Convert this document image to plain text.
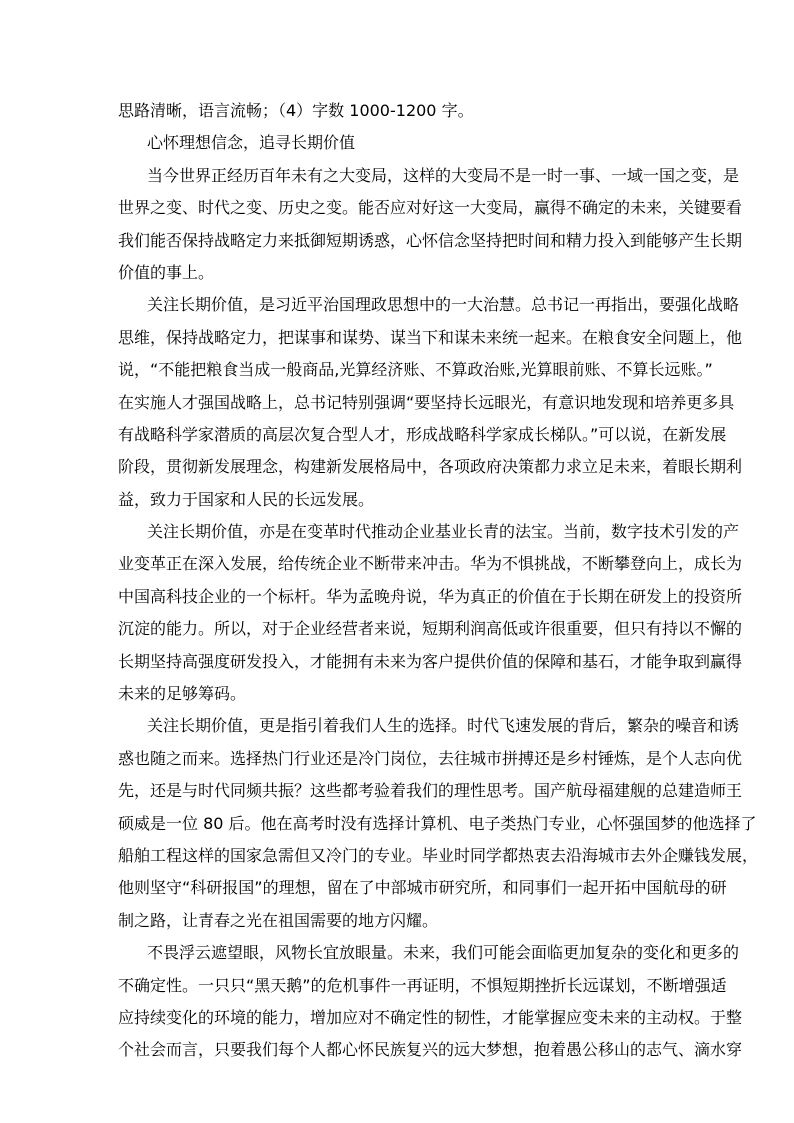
思路清晰，语言流畅；（4）字数 1000-1200 字。
心怀理想信念，追寻长期价值
当今世界正经历百年未有之大变局，这样的大变局不是一时一事、一域一国之变，是
世界之变、时代之变、历史之变。能否应对好这一大变局，赢得不确定的未来，关键要看
我们能否保持战略定力来抵御短期诱惑，心怀信念坚持把时间和精力投入到能够产生长期
价值的事上。
关注长期价值，是习近平治国理政思想中的一大治慧。总书记一再指出，要强化战略
思维，保持战略定力，把谋事和谋势、谋当下和谋未来统一起来。在粮食安全问题上，他
说，“不能把粮食当成一般商品,光算经济账、不算政治账,光算眼前账、不算长远账。”
在实施人才强国战略上，总书记特别强调“要坚持长远眼光，有意识地发现和培养更多具
有战略科学家潜质的高层次复合型人才，形成战略科学家成长梯队。”可以说，在新发展
阶段，贯彻新发展理念，构建新发展格局中，各项政府决策都力求立足未来，着眼长期利
益，致力于国家和人民的长远发展。
关注长期价值，亦是在变革时代推动企业基业长青的法宝。当前，数字技术引发的产
业变革正在深入发展，给传统企业不断带来冲击。华为不惧挑战，不断攀登向上，成长为
中国高科技企业的一个标杆。华为孟晚舟说，华为真正的价值在于长期在研发上的投资所
沉淀的能力。所以，对于企业经营者来说，短期利润高低或许很重要，但只有持以不懈的
长期坚持高强度研发投入，才能拥有未来为客户提供价值的保障和基石，才能争取到赢得
未来的足够筹码。
关注长期价值，更是指引着我们人生的选择。时代飞速发展的背后，繁杂的噪音和诱
惑也随之而来。选择热门行业还是冷门岗位，去往城市拼搏还是乡村锤炼，是个人志向优
先，还是与时代同频共振？这些都考验着我们的理性思考。国产航母福建舰的总建造师王
硕威是一位 80 后。他在高考时没有选择计算机、电子类热门专业，心怀强国梦的他选择了
船舶工程这样的国家急需但又冷门的专业。毕业时同学都热衷去沿海城市去外企赚钱发展，
他则坚守“科研报国”的理想，留在了中部城市研究所，和同事们一起开拓中国航母的研
制之路，让青春之光在祖国需要的地方闪耀。
不畏浮云遮望眼，风物长宜放眼量。未来，我们可能会面临更加复杂的变化和更多的
不确定性。一只只“黑天鹅”的危机事件一再证明，不惧短期挫折长远谋划，不断增强适
应持续变化的环境的能力，增加应对不确定性的韧性，才能掌握应变未来的主动权。于整
个社会而言，只要我们每个人都心怀民族复兴的远大梦想，抱着愚公移山的志气、滴水穿
